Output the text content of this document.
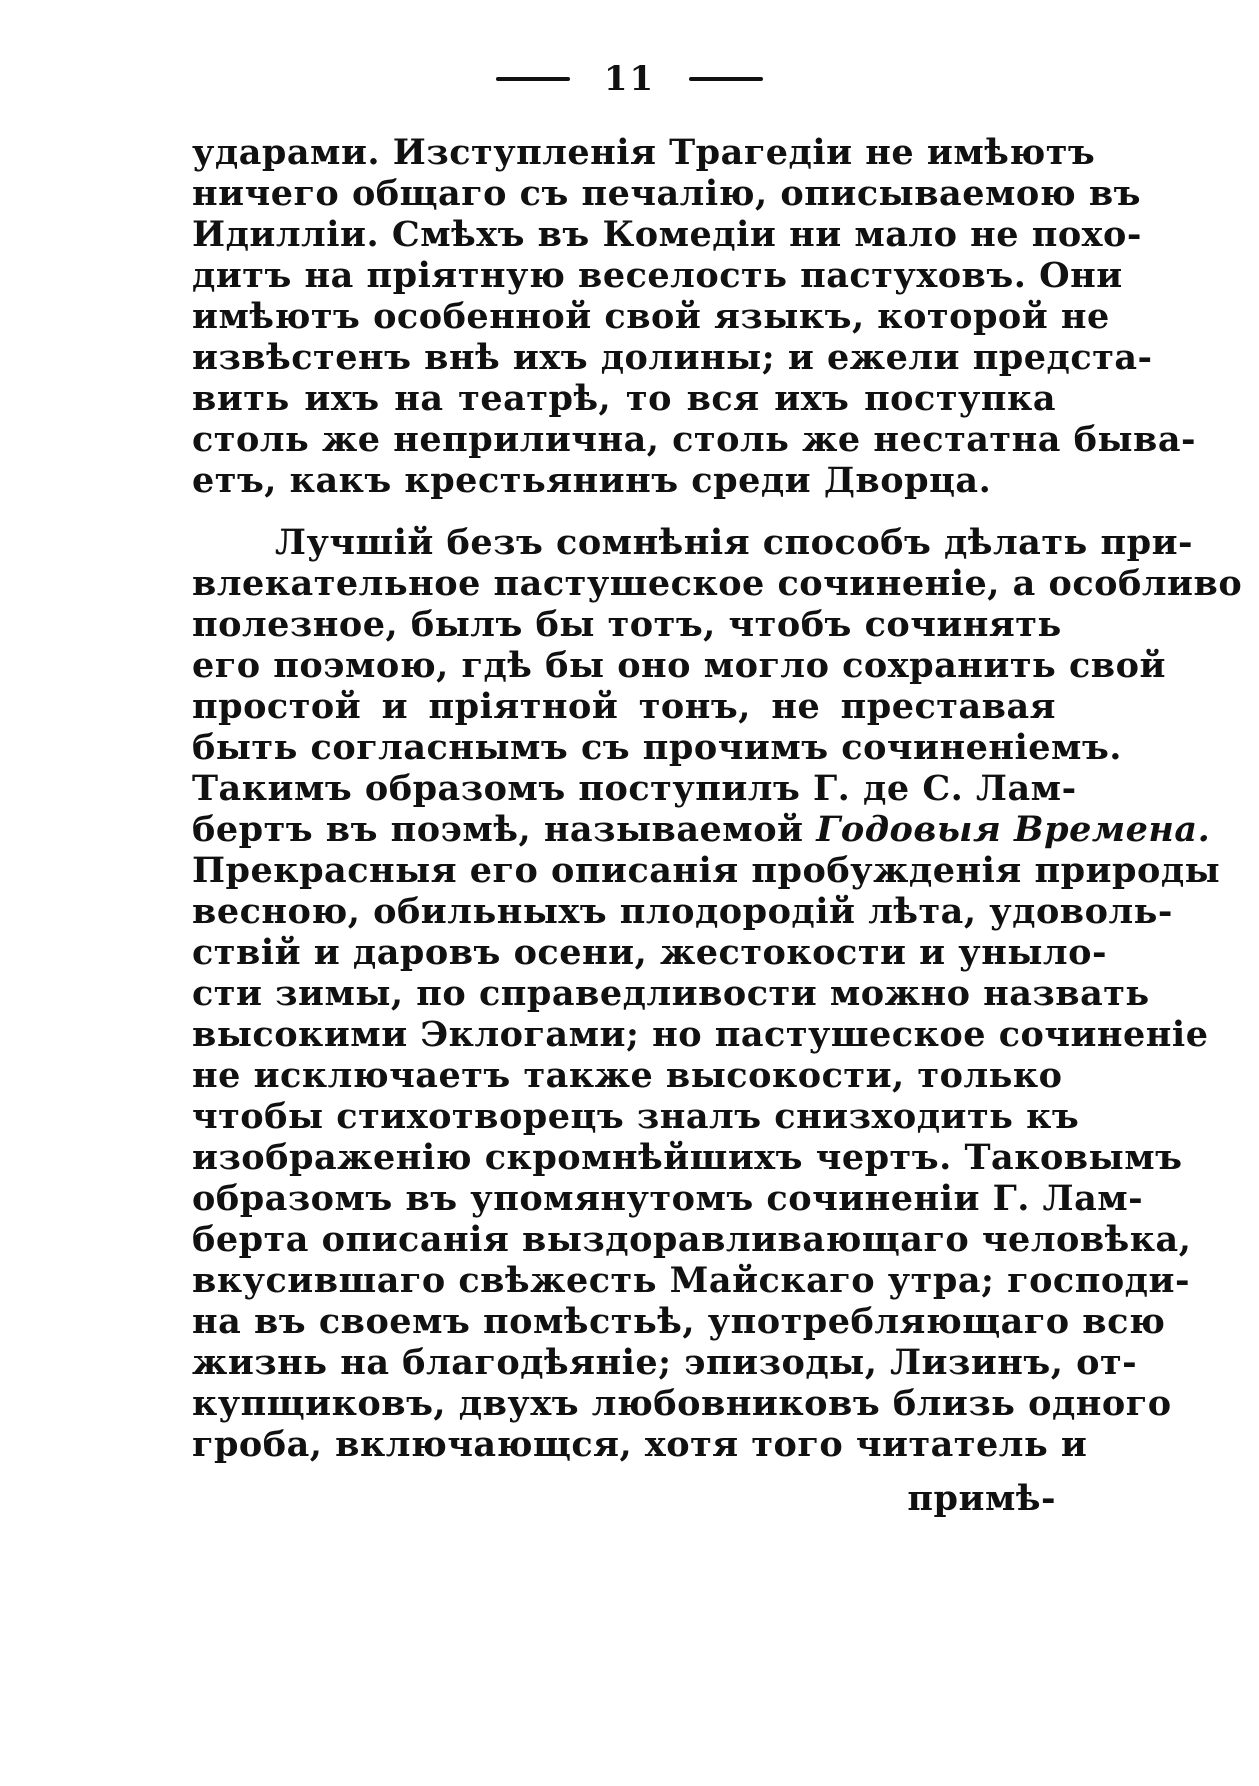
11

ударами. Изступленія Трагедіи не имѣютъ

ничего общаго съ печалію, описываемою въ

Идилліи. Смѣхъ въ Комедіи ни мало не похо-

дитъ на пріятную веселость пастуховъ. Они

имѣютъ особенной свой языкъ, которой не

извѣстенъ внѣ ихъ долины; и ежели предста-

вить ихъ на театрѣ, то вся ихъ поступка

столь же неприлична, столь же нестатна быва-

етъ, какъ крестьянинъ среди Дворца.

Лучшій безъ сомнѣнія способъ дѣлать при-

влекательное пастушеское сочиненіе, а особливо

полезное, былъ бы тотъ, чтобъ сочинять

его поэмою, гдѣ бы оно могло сохранить свой

простой и пріятной тонъ, не преставая

быть согласнымъ съ прочимъ сочиненіемъ.

Такимъ образомъ поступилъ Г. де С. Лам-

бертъ въ поэмѣ, называемой Годовыя Времена.

Прекрасныя его описанія пробужденія природы

весною, обильныхъ плодородій лѣта, удоволь-

ствій и даровъ осени, жестокости и уныло-

сти зимы, по справедливости можно назвать

высокими Эклогами; но пастушеское сочиненіе

не исключаетъ также высокости, только

чтобы стихотворецъ зналъ снизходить къ

изображенію скромнѣйшихъ чертъ. Таковымъ

образомъ въ упомянутомъ сочиненіи Г. Лам-

берта описанія выздоравливающаго человѣка,

вкусившаго свѣжесть Майскаго утра; господи-

на въ своемъ помѣстьѣ, употребляющаго всю

жизнь на благодѣяніе; эпизоды, Лизинъ, от-

купщиковъ, двухъ любовниковъ близь одного

гроба, включающся, хотя того читатель и

примѣ-
